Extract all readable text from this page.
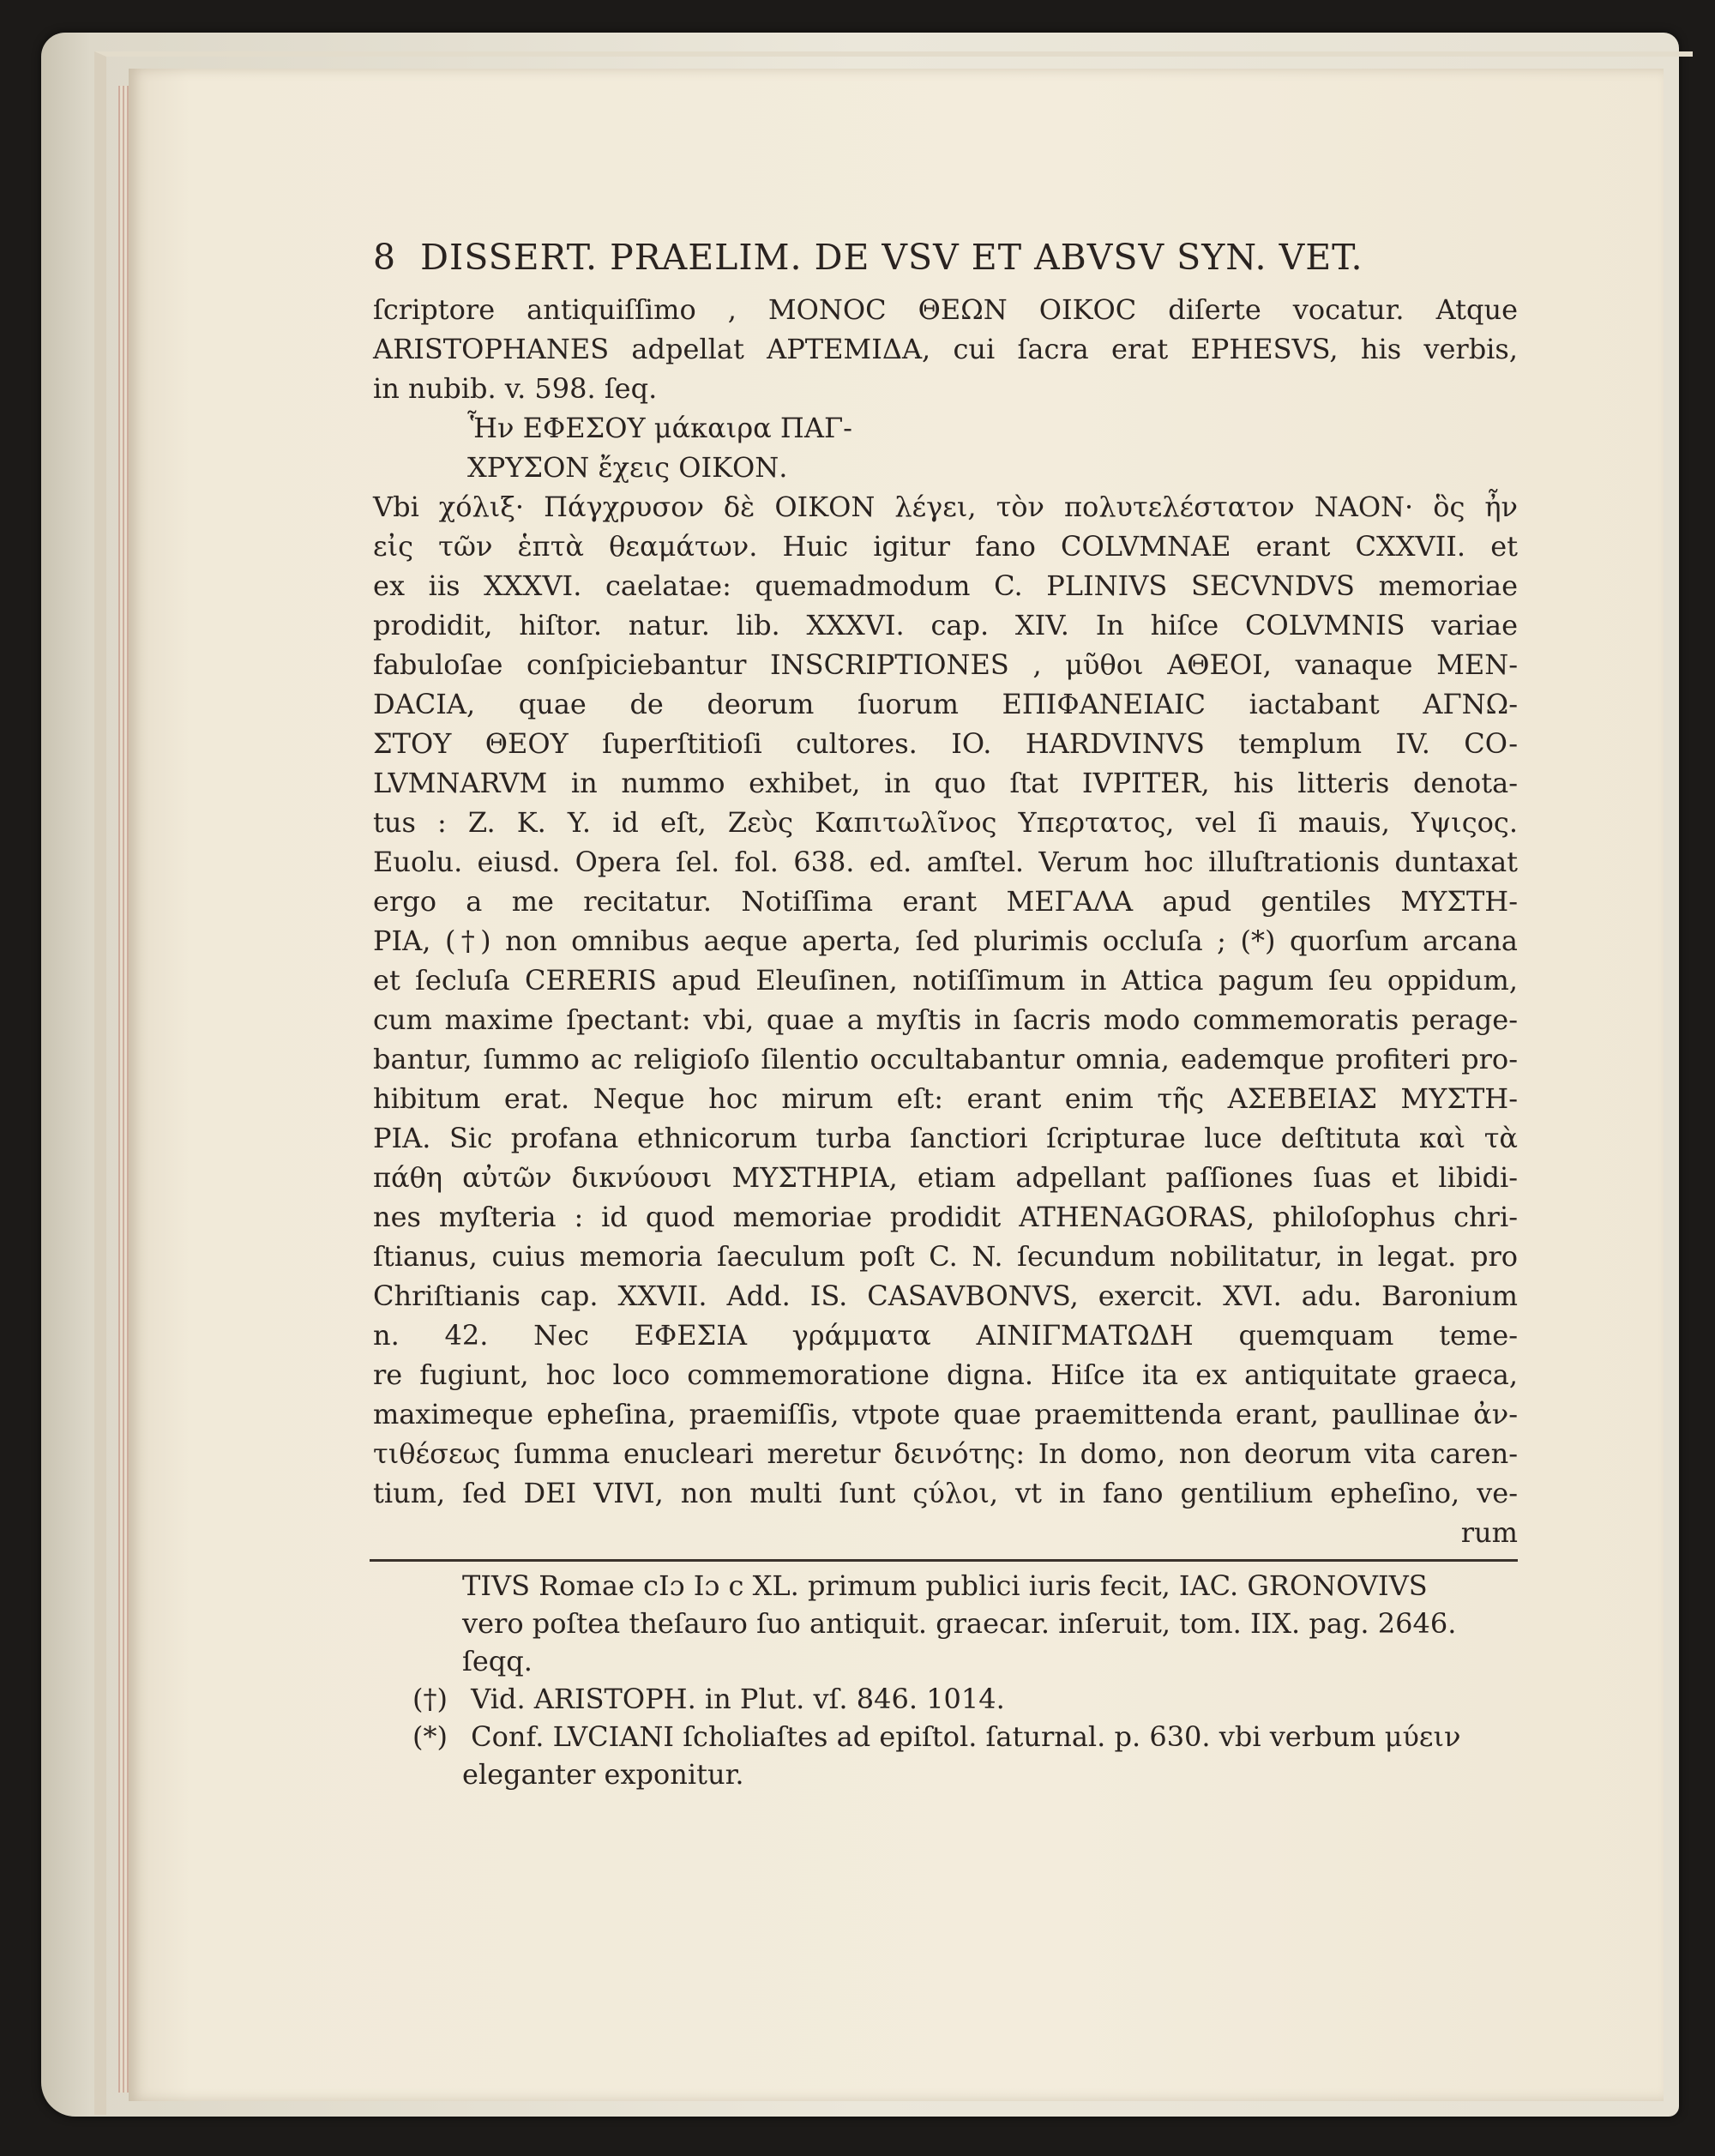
8 DISSERT. PRAELIM. DE VSV ET ABVSV SYN. VET.
ſcriptore antiquiſſimo , ΜΟΝΟϹ ΘΕΩΝ ΟΙΚΟϹ diſerte vocatur. Atque
ARISTOPHANES adpellat ΑΡΤΕΜΙΔΑ, cui ſacra erat EPHESVS, his verbis,
in nubib. v. 598. ſeq.
Ἧν ΕΦΕΣΟΥ μάκαιρα ΠΑΓ-
ΧΡΥΣΟΝ ἔχεις ΟΙΚΟΝ.
Vbi χόλιξ· Πάγχρυσον δὲ ΟΙΚΟΝ λέγει, τὸν πολυτελέστατον ΝΑΟΝ· ὃς ἦν
εἰς τῶν ἑπτὰ θεαμάτων. Huic igitur fano COLVMNAE erant CXXVII. et
ex iis XXXVI. caelatae: quemadmodum C. PLINIVS SECVNDVS memoriae
prodidit, hiſtor. natur. lib. XXXVI. cap. XIV. In hiſce COLVMNIS variae
fabuloſae conſpiciebantur INSCRIPTIONES , μῦθοι ΑΘΕΟΙ, vanaque MEN-
DACIA, quae de deorum ſuorum ΕΠΙΦΑΝΕΙΑΙϹ iactabant ΑΓΝΩ-
ΣΤΟΥ ΘΕΟΥ ſuperſtitioſi cultores. IO. HARDVINVS templum IV. CO-
LVMNARVM in nummo exhibet, in quo ſtat IVPITER, his litteris denota-
tus : Z. K. Y. id eſt, Ζεὺς Καπιτωλῖνος Υπερτατος, vel ſi mauis, Υψιςος.
Euolu. eiusd. Opera ſel. fol. 638. ed. amſtel. Verum hoc illuſtrationis duntaxat
ergo a me recitatur. Notiſſima erant ΜΕΓΑΛΑ apud gentiles ΜΥΣΤΗ-
ΡΙΑ, (†) non omnibus aeque aperta, ſed plurimis occluſa ; (*) quorſum arcana
et ſecluſa CERERIS apud Eleuſinen, notiſſimum in Attica pagum ſeu oppidum,
cum maxime ſpectant: vbi, quae a myſtis in ſacris modo commemoratis perage-
bantur, ſummo ac religioſo ſilentio occultabantur omnia, eademque profiteri pro-
hibitum erat. Neque hoc mirum eſt: erant enim τῆς ΑΣΕΒΕΙΑΣ ΜΥΣΤΗ-
ΡΙΑ. Sic profana ethnicorum turba ſanctiori ſcripturae luce deſtituta καὶ τὰ
πάθη αὐτῶν δικνύουσι ΜΥΣΤΗΡΙΑ, etiam adpellant paſſiones ſuas et libidi-
nes myſteria : id quod memoriae prodidit ATHENAGORAS, philoſophus chri-
ſtianus, cuius memoria ſaeculum poſt C. N. ſecundum nobilitatur, in legat. pro
Chriſtianis cap. XXVII. Add. IS. CASAVBONVS, exercit. XVI. adu. Baronium
n. 42. Nec ΕΦΕΣΙΑ γράμματα ΑΙΝΙΓΜΑΤΩΔΗ quemquam teme-
re fugiunt, hoc loco commemoratione digna. Hiſce ita ex antiquitate graeca,
maximeque epheſina, praemiſſis, vtpote quae praemittenda erant, paullinae ἀν-
τιθέσεως ſumma enucleari meretur δεινότης: In domo, non deorum vita caren-
tium, ſed DEI VIVI, non multi ſunt ςύλοι, vt in fano gentilium epheſino, ve-
rum
TIVS Romae cIɔ Iɔ c XL. primum publici iuris fecit, IAC. GRONOVIVS
vero poſtea theſauro ſuo antiquit. graecar. inſeruit, tom. IIX. pag. 2646.
ſeqq.
(†) Vid. ARISTOPH. in Plut. vſ. 846. 1014.
(*) Conf. LVCIANI ſcholiaſtes ad epiſtol. ſaturnal. p. 630. vbi verbum μύειν
eleganter exponitur.
